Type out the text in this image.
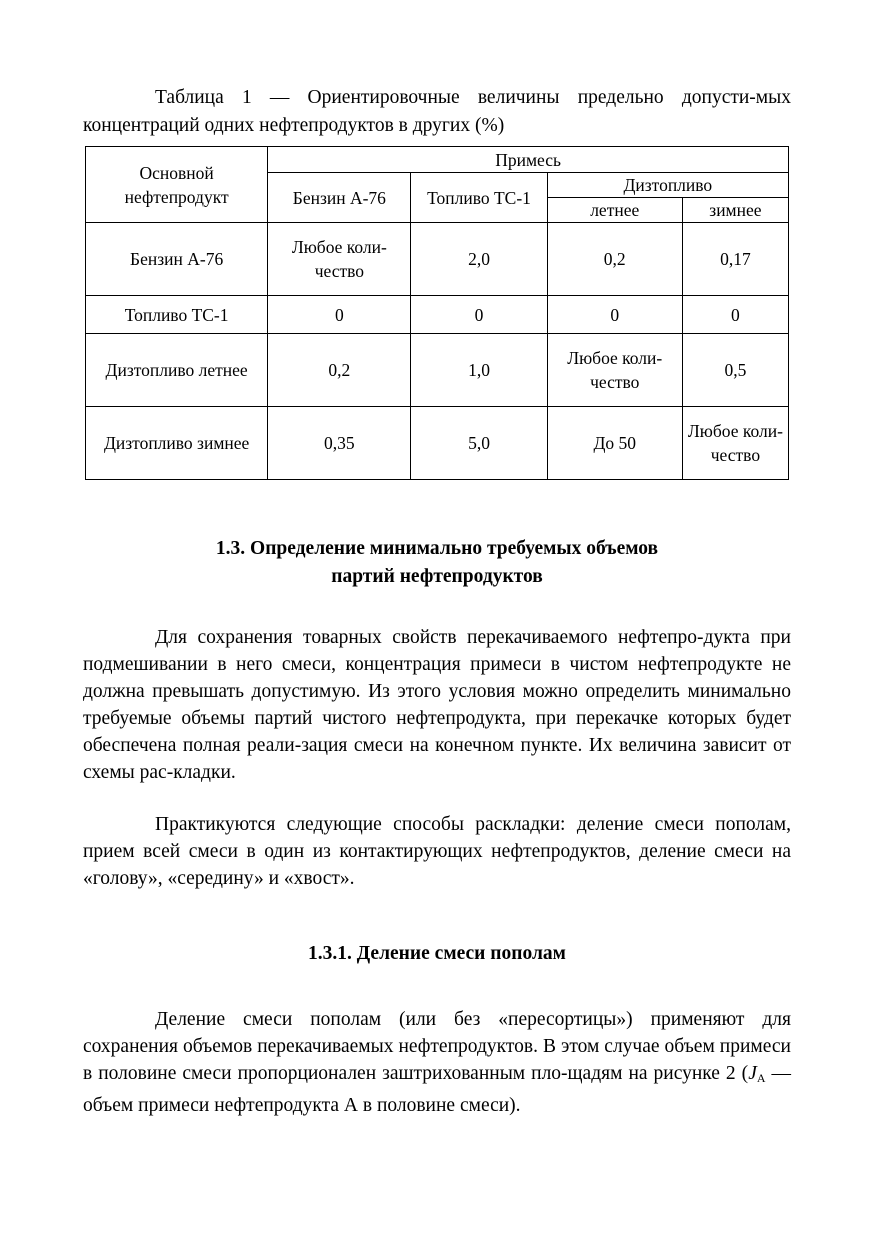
Таблица 1 — Ориентировочные величины предельно допусти-мых концентраций одних нефтепродуктов в других (%)
Основной нефтепродукт	Примесь			
	Бензин А-76	Топливо ТС-1	Дизтопливо	
			летнее	зимнее
Бензин А-76	Любое коли-чество	2,0	0,2	0,17
Топливо ТС-1	0	0	0	0
Дизтопливо летнее	0,2	1,0	Любое коли-чество	0,5
Дизтопливо зимнее	0,35	5,0	До 50	Любое коли-чество
1.3. Определение минимально требуемых объемов
партий нефтепродуктов

Для сохранения товарных свойств перекачиваемого нефтепро-дукта при подмешивании в него смеси, концентрация примеси в чистом нефтепродукте не должна превышать допустимую. Из этого условия можно определить минимально требуемые объемы партий чистого нефтепродукта, при перекачке которых будет обеспечена полная реали-зация смеси на конечном пункте. Их величина зависит от схемы рас-кладки.

Практикуются следующие способы раскладки: деление смеси пополам, прием всей смеси в один из контактирующих нефтепродуктов, деление смеси на «голову», «середину» и «хвост».

1.3.1. Деление смеси пополам

Деление смеси пополам (или без «пересортицы») применяют для сохранения объемов перекачиваемых нефтепродуктов. В этом случае объем примеси в половине смеси пропорционален заштрихованным пло-щадям на рисунке 2 ($J_A$ — объем примеси нефтепродукта А в половине смеси).
